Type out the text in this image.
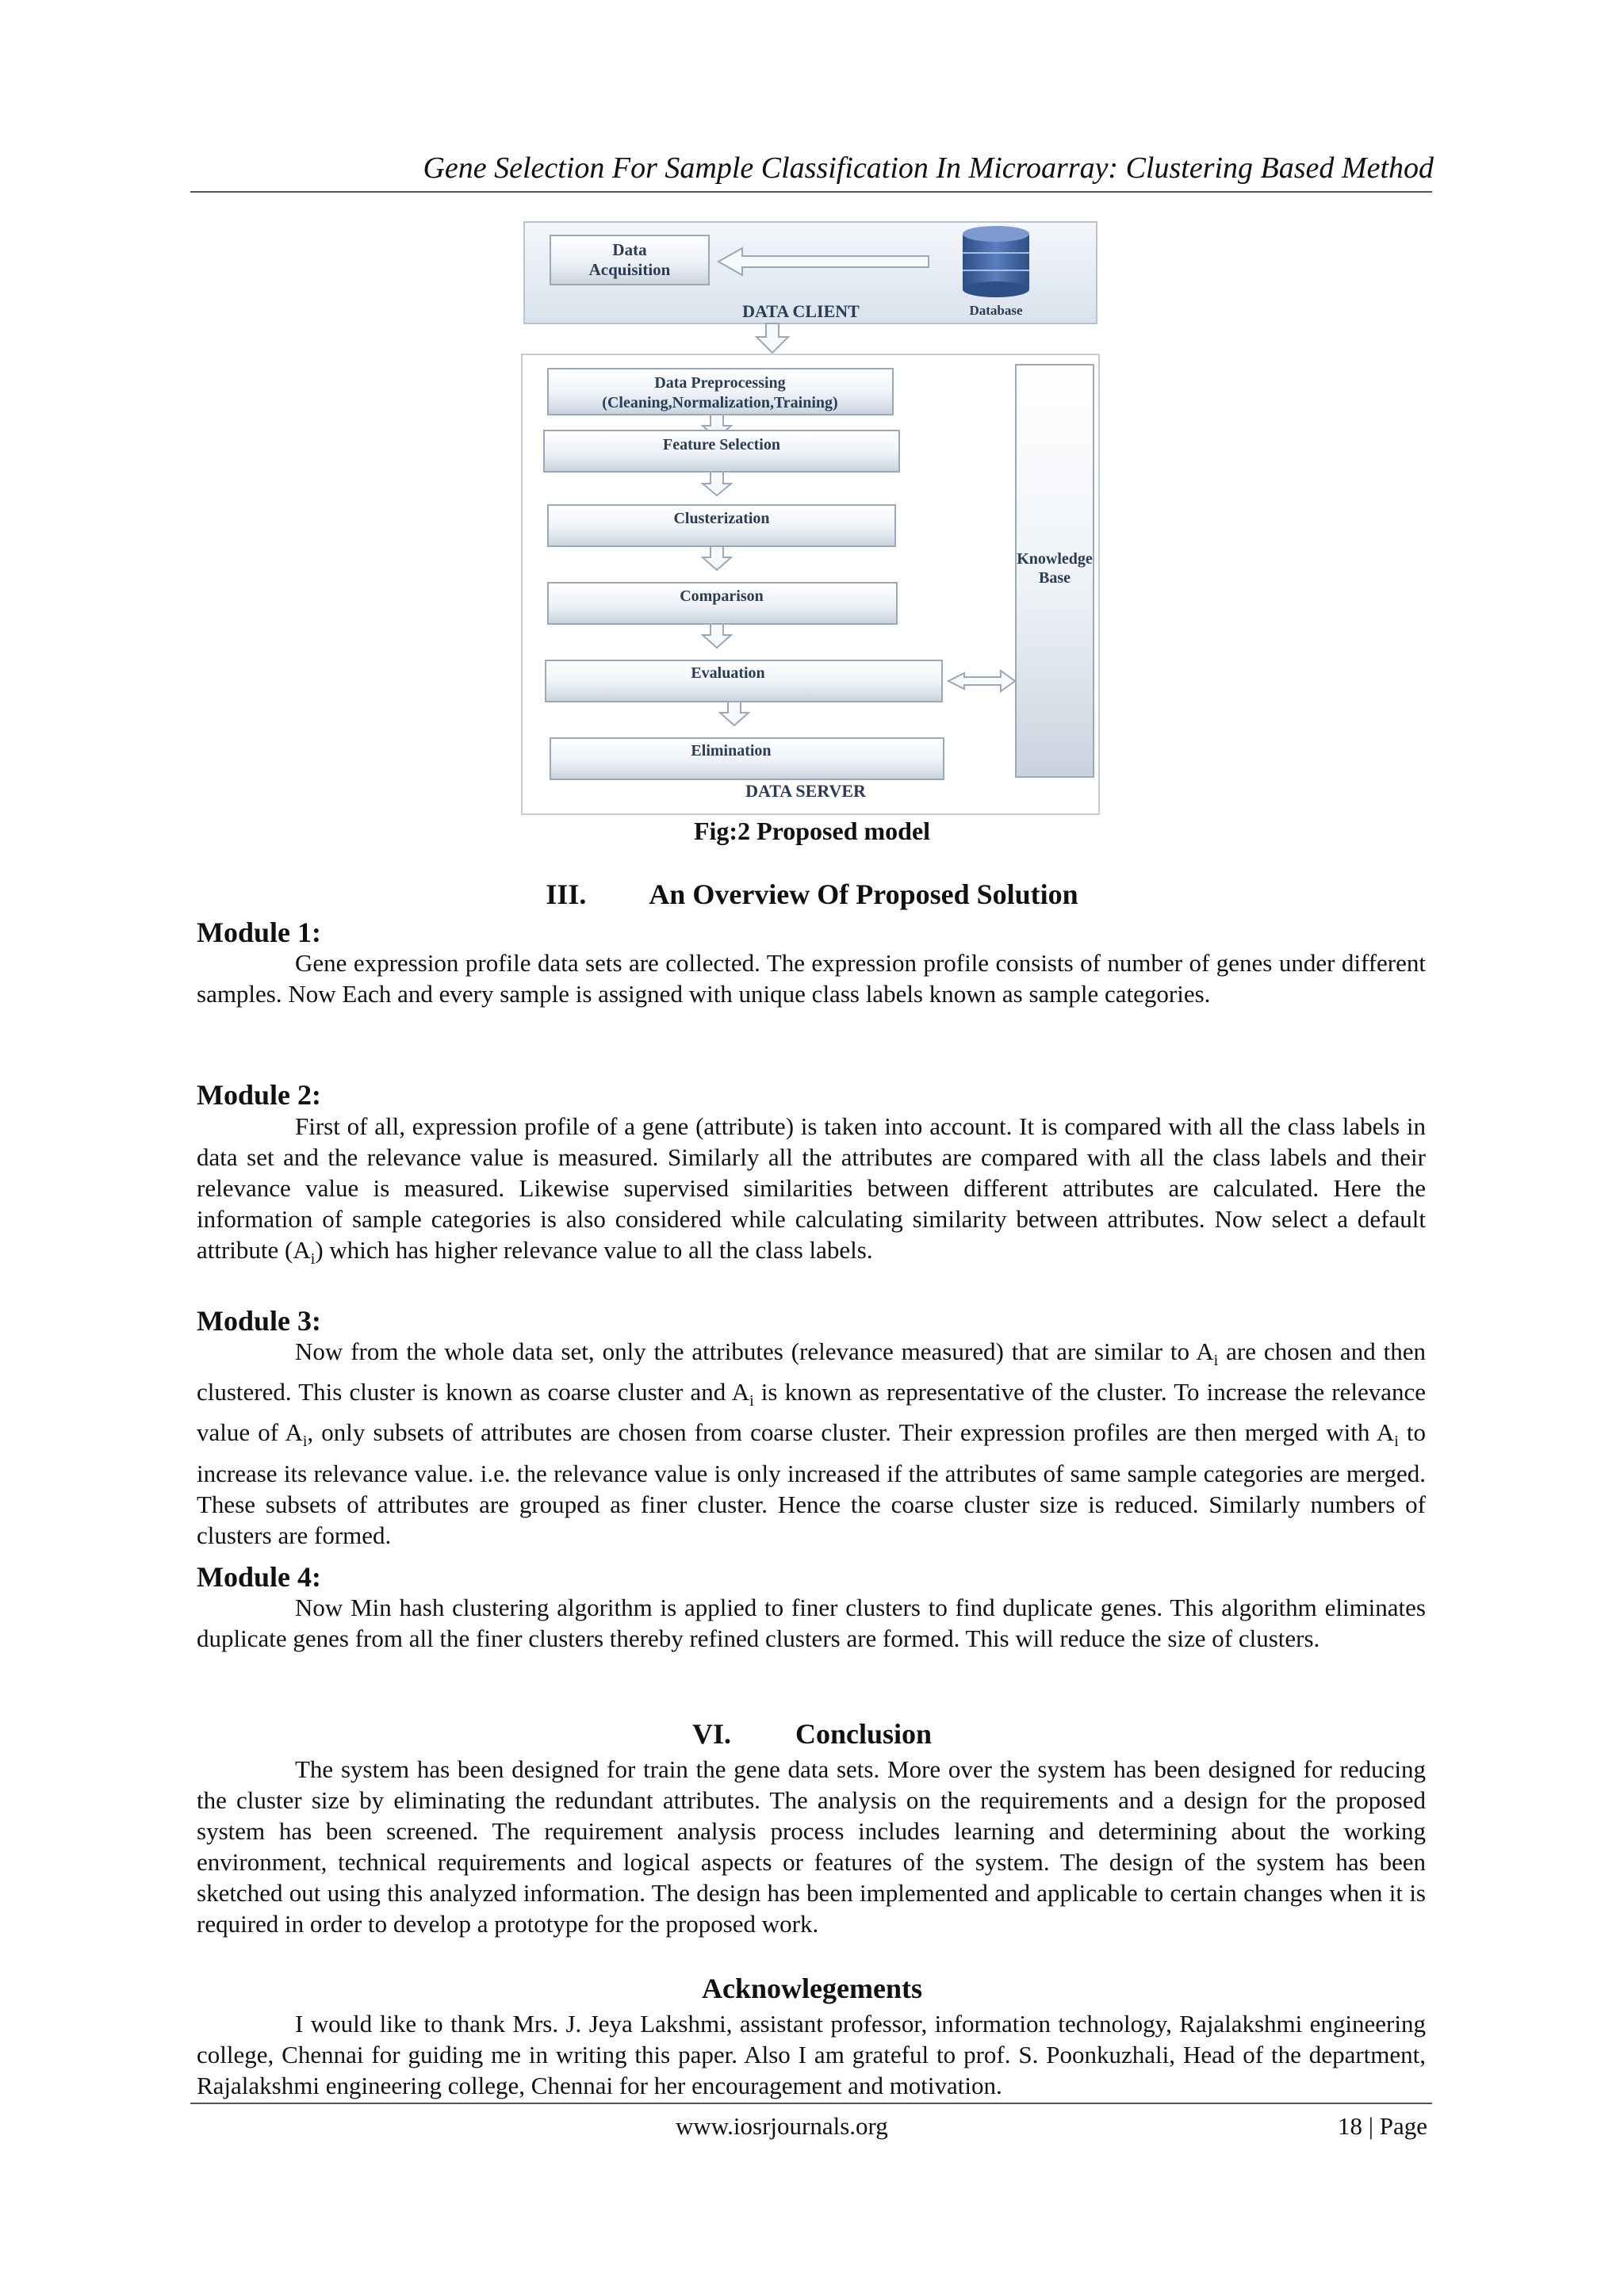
Gene Selection For Sample Classification In Microarray: Clustering Based Method
Data
Acquisition
Database
DATA CLIENT
Data Preprocessing
(Cleaning,Normalization,Training)
Feature Selection
Clusterization
Comparison
Evaluation
Elimination
DATA SERVER
Knowledge
Base
Fig:2 Proposed model
III. An Overview Of Proposed Solution
Module 1:

Gene expression profile data sets are collected. The expression profile consists of number of genes under different samples. Now Each and every sample is assigned with unique class labels known as sample categories.

Module 2:

First of all, expression profile of a gene (attribute) is taken into account. It is compared with all the class labels in data set and the relevance value is measured. Similarly all the attributes are compared with all the class labels and their relevance value is measured. Likewise supervised similarities between different attributes are calculated. Here the information of sample categories is also considered while calculating similarity between attributes. Now select a default attribute $(A_i)$ which has higher relevance value to all the class labels.

Module 3:

Now from the whole data set, only the attributes (relevance measured) that are similar to $A_i$ are chosen and then clustered. This cluster is known as coarse cluster and $A_i$ is known as representative of the cluster. To increase the relevance value of $A_i$, only subsets of attributes are chosen from coarse cluster. Their expression profiles are then merged with $A_i$ to increase its relevance value. i.e. the relevance value is only increased if the attributes of same sample categories are merged. These subsets of attributes are grouped as finer cluster. Hence the coarse cluster size is reduced. Similarly numbers of clusters are formed.

Module 4:

Now Min hash clustering algorithm is applied to finer clusters to find duplicate genes. This algorithm eliminates duplicate genes from all the finer clusters thereby refined clusters are formed. This will reduce the size of clusters.

VI. Conclusion

The system has been designed for train the gene data sets. More over the system has been designed for reducing the cluster size by eliminating the redundant attributes. The analysis on the requirements and a design for the proposed system has been screened. The requirement analysis process includes learning and determining about the working environment, technical requirements and logical aspects or features of the system. The design of the system has been sketched out using this analyzed information. The design has been implemented and applicable to certain changes when it is required in order to develop a prototype for the proposed work.

Acknowlegements

I would like to thank Mrs. J. Jeya Lakshmi, assistant professor, information technology, Rajalakshmi engineering college, Chennai for guiding me in writing this paper. Also I am grateful to prof. S. Poonkuzhali, Head of the department, Rajalakshmi engineering college, Chennai for her encouragement and motivation.

www.iosrjournals.org	18 | Page
